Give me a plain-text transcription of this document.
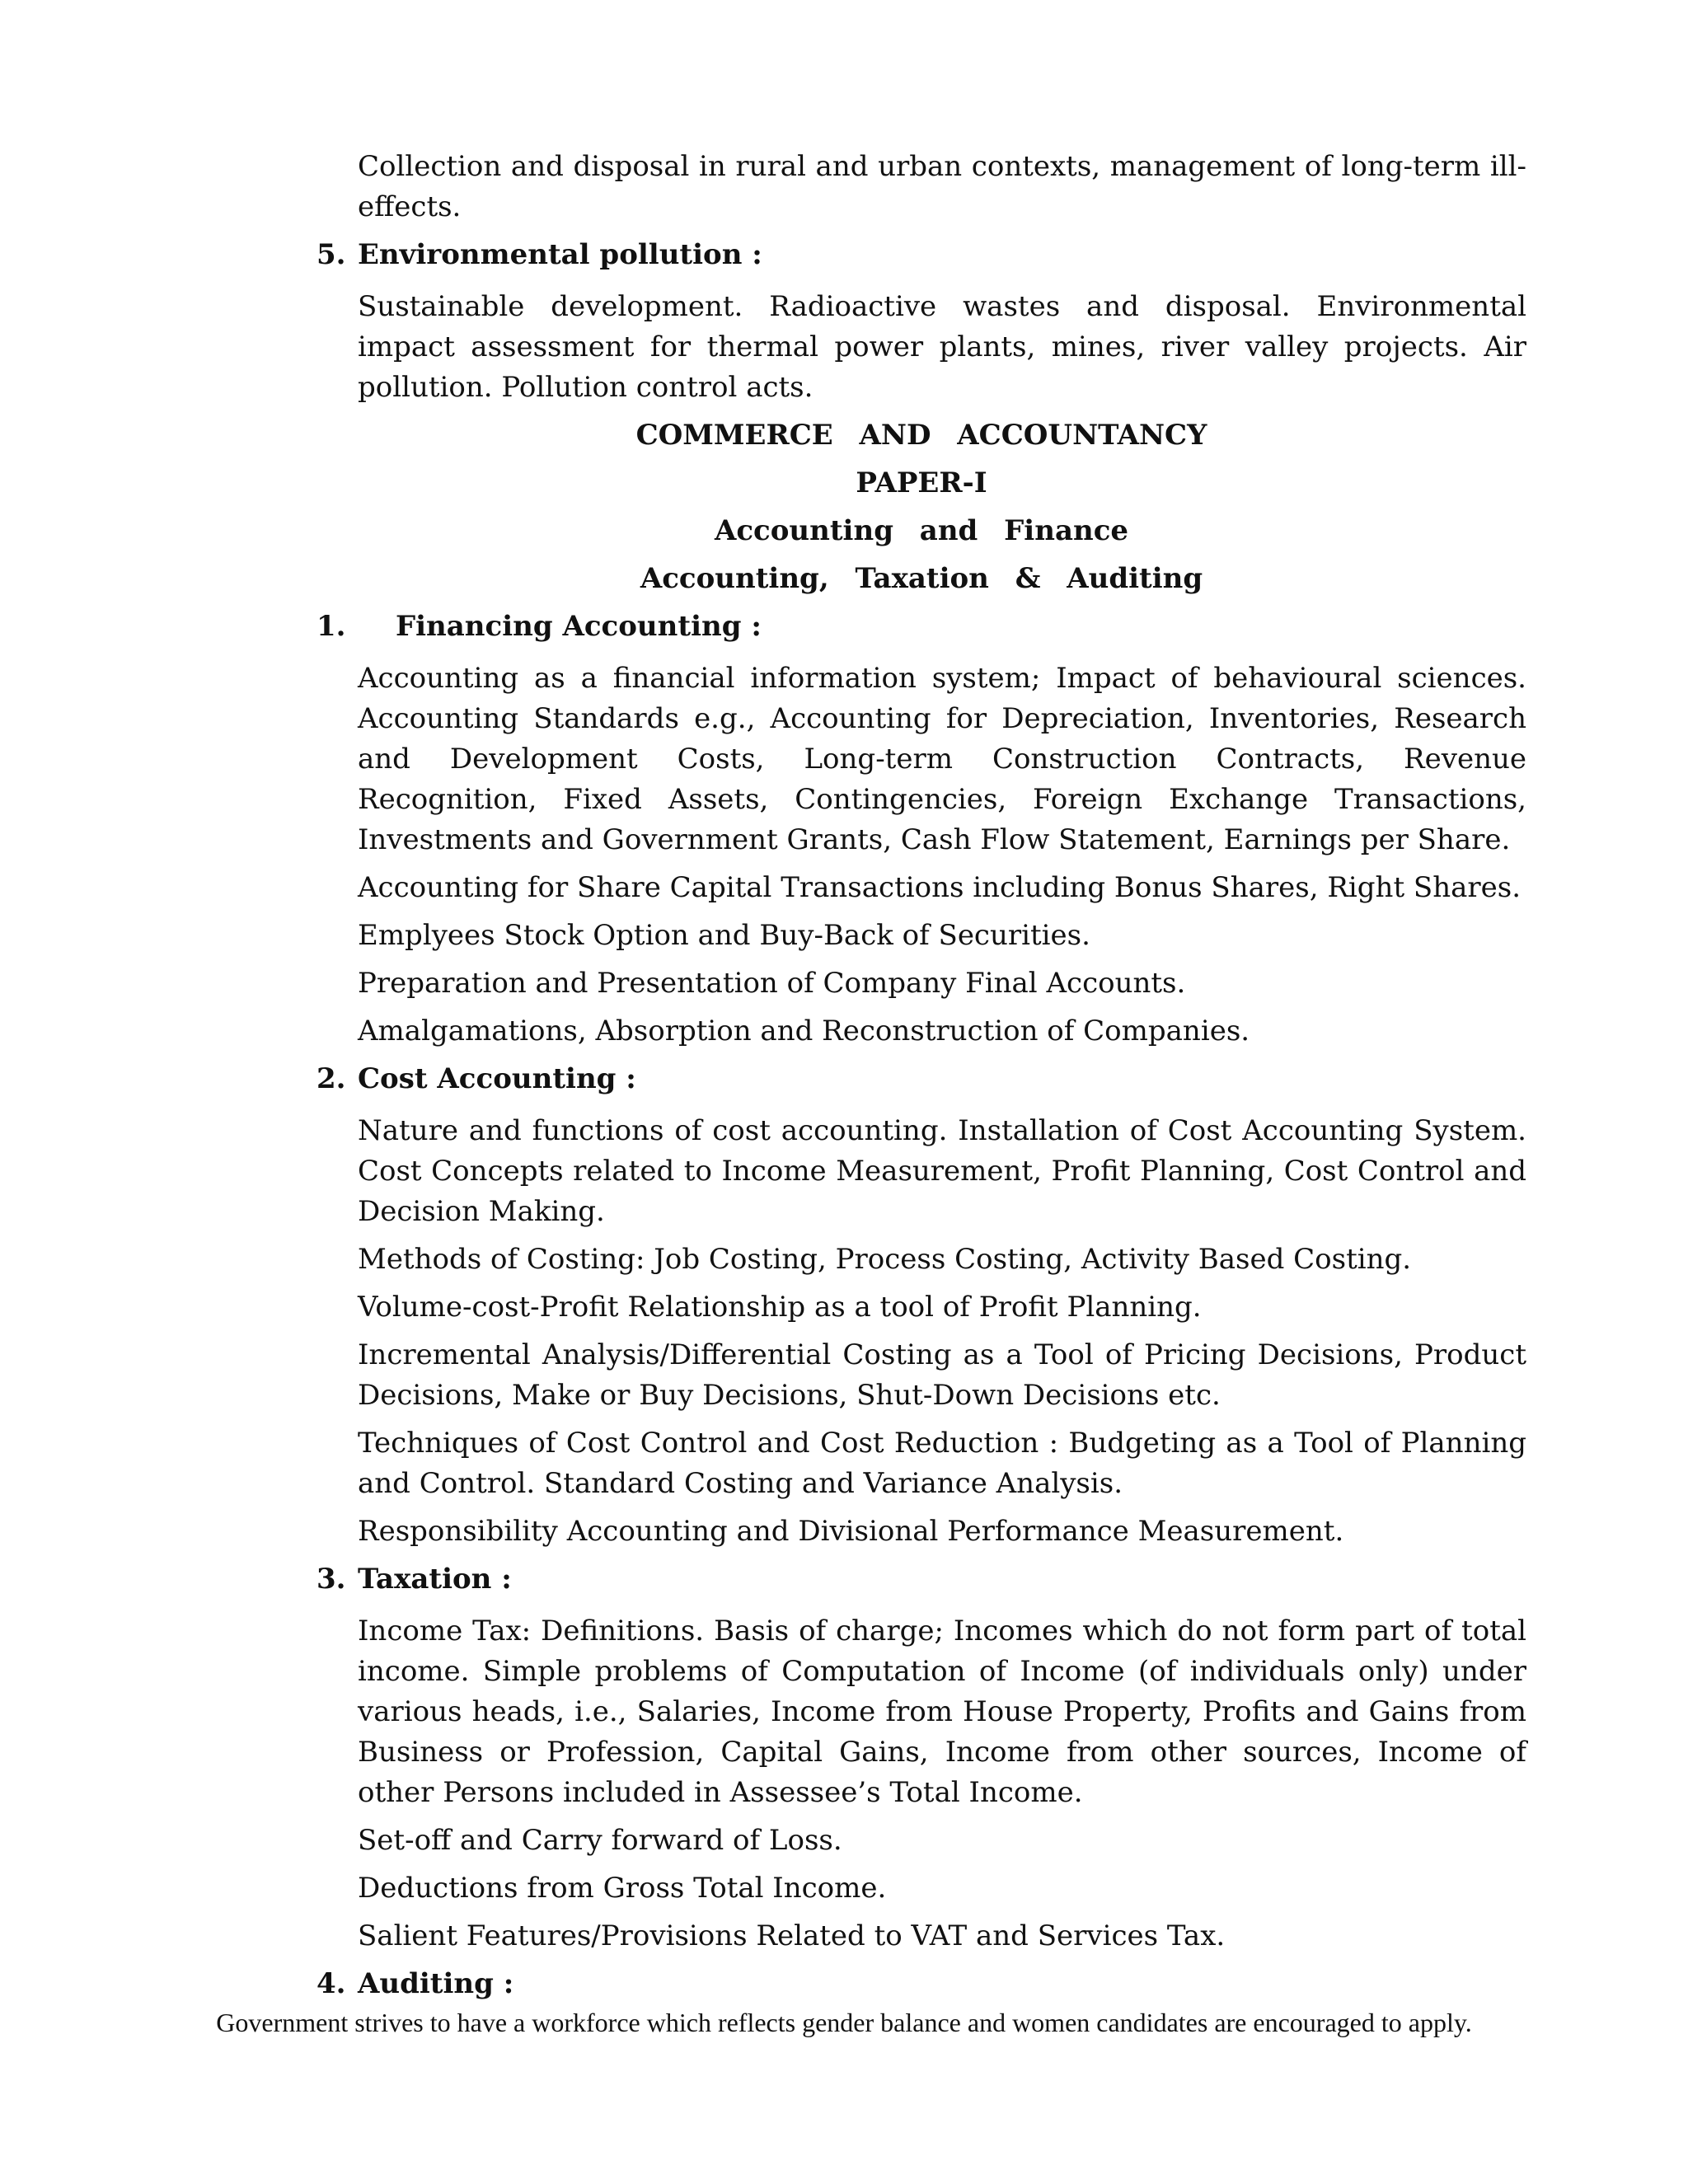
Collection and disposal in rural and urban contexts, management of long-term ill-effects.

5. Environmental pollution :

Sustainable development. Radioactive wastes and disposal. Environmental impact assessment for thermal power plants, mines, river valley projects. Air pollution. Pollution control acts.

COMMERCE AND ACCOUNTANCY
PAPER-I
Accounting and Finance
Accounting, Taxation & Auditing
1. Financing Accounting :

Accounting as a financial information system; Impact of behavioural sciences. Accounting Standards e.g., Accounting for Depreciation, Inventories, Research and Development Costs, Long-term Construction Contracts, Revenue Recognition, Fixed Assets, Contingencies, Foreign Exchange Transactions, Investments and Government Grants, Cash Flow Statement, Earnings per Share.

Accounting for Share Capital Transactions including Bonus Shares, Right Shares.

Emplyees Stock Option and Buy-Back of Securities.

Preparation and Presentation of Company Final Accounts.

Amalgamations, Absorption and Reconstruction of Companies.

2. Cost Accounting :

Nature and functions of cost accounting. Installation of Cost Accounting System. Cost Concepts related to Income Measurement, Profit Planning, Cost Control and Decision Making.

Methods of Costing: Job Costing, Process Costing, Activity Based Costing.

Volume-cost-Profit Relationship as a tool of Profit Planning.

Incremental Analysis/Differential Costing as a Tool of Pricing Decisions, Product Decisions, Make or Buy Decisions, Shut-Down Decisions etc.

Techniques of Cost Control and Cost Reduction : Budgeting as a Tool of Planning and Control. Standard Costing and Variance Analysis.

Responsibility Accounting and Divisional Performance Measurement.

3. Taxation :

Income Tax: Definitions. Basis of charge; Incomes which do not form part of total income. Simple problems of Computation of Income (of individuals only) under various heads, i.e., Salaries, Income from House Property, Profits and Gains from Business or Profession, Capital Gains, Income from other sources, Income of other Persons included in Assessee’s Total Income.

Set-off and Carry forward of Loss.

Deductions from Gross Total Income.

Salient Features/Provisions Related to VAT and Services Tax.

4. Auditing :
Government strives to have a workforce which reflects gender balance and women candidates are encouraged to apply.
